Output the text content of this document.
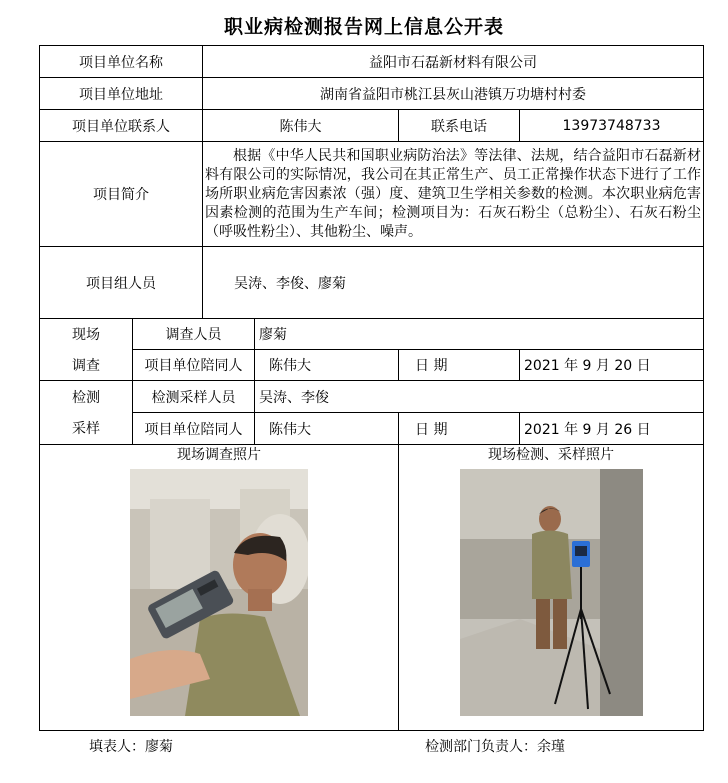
职业病检测报告网上信息公开表
项目单位名称		益阳市石磊新材料有限公司			
项目单位地址		湖南省益阳市桃江县灰山港镇万功塘村村委			
项目单位联系人		陈伟大		联系电话	13973748733
项目简介		根据《中华人民共和国职业病防治法》等法律、法规，结合益阳市石磊新材料有限公司的实际情况，我公司在其正常生产、员工正常操作状态下进行了工作场所职业病危害因素浓（强）度、建筑卫生学相关参数的检测。本次职业病危害因素检测的范围为生产车间；检测项目为：石灰石粉尘（总粉尘）、石灰石粉尘（呼吸性粉尘）、其他粉尘、噪声。			

项目组人员		吴涛、李俊、廖菊			
现场	调查人员		廖菊		
调查	项目单位陪同人		陈伟大	日 期	2021 年 9 月 20 日
检测	检测采样人员		吴涛、李俊		
采样	项目单位陪同人		陈伟大	日 期	2021 年 9 月 26 日

现场调查照片				现场检测、采样照片	
填表人：廖菊	检测部门负责人：余瑾
